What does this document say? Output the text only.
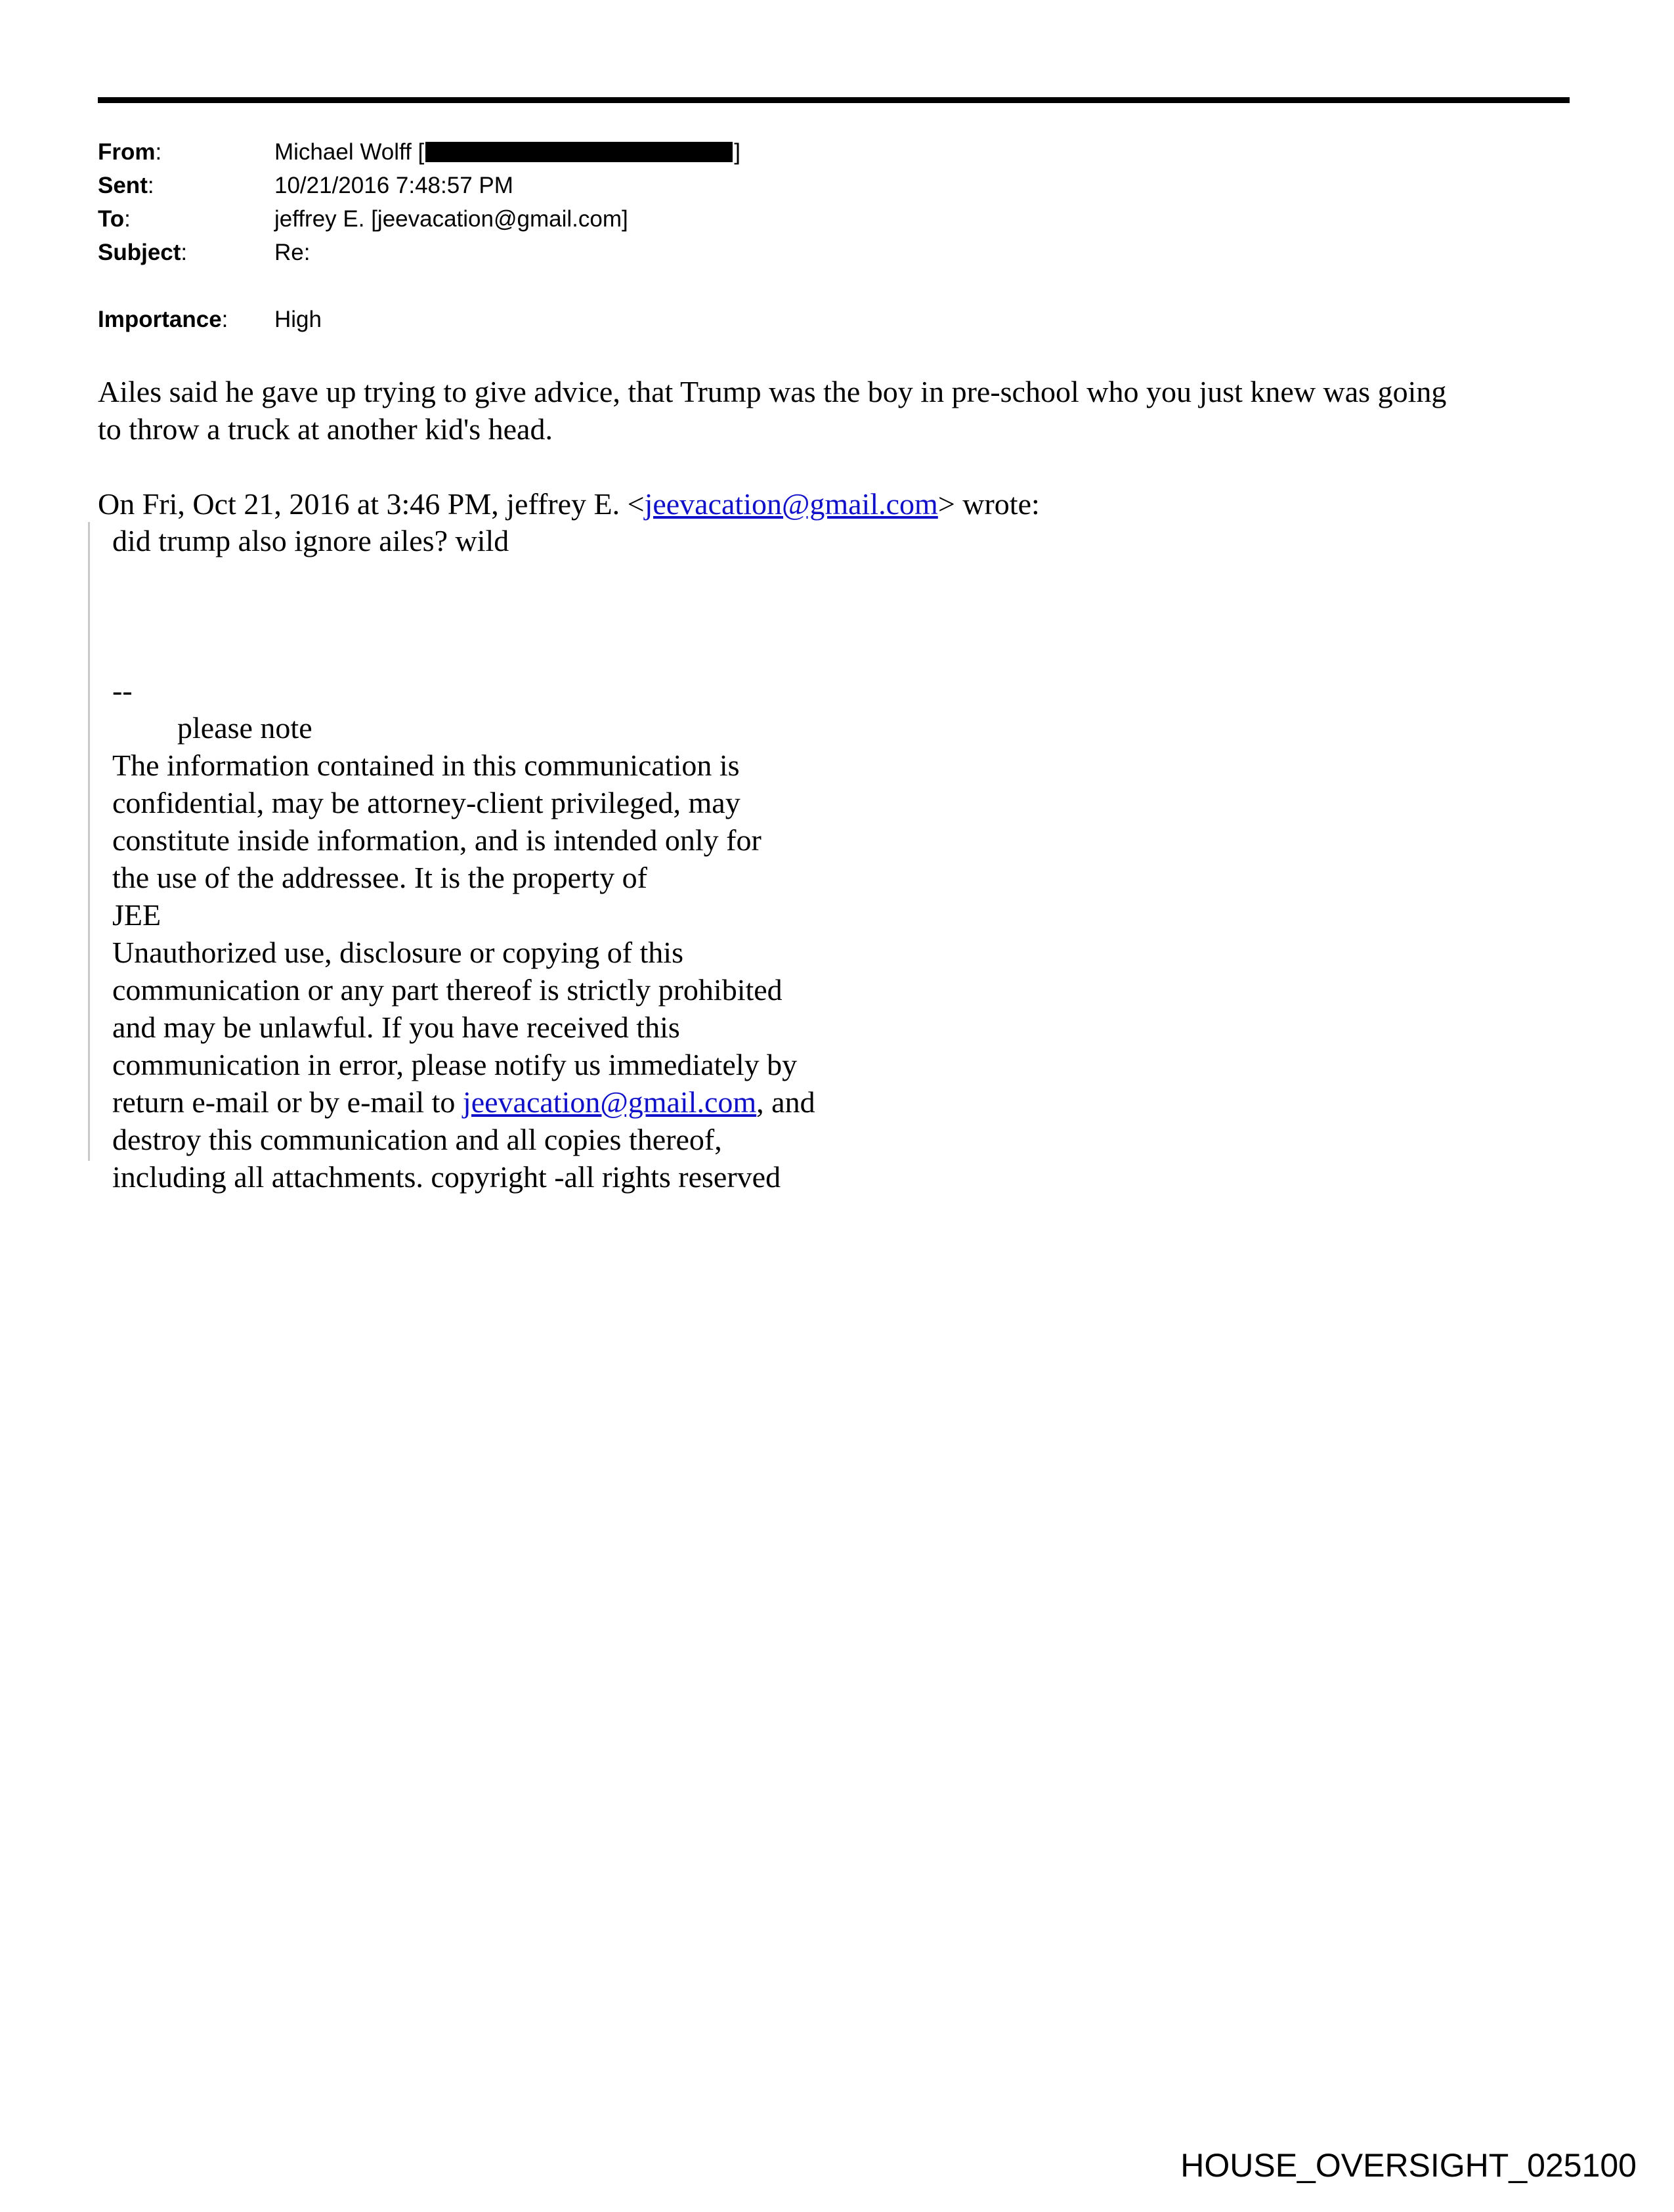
From:	Michael Wolff [	]
Sent:	10/21/2016 7:48:57 PM
To:	jeffrey E. [jeevacation@gmail.com]
Subject:	Re:
Importance:	High
Ailes said he gave up trying to give advice, that Trump was the boy in pre-school who you just knew was going
to throw a truck at another kid's head.
On Fri, Oct 21, 2016 at 3:46 PM, jeffrey E. <jeevacation@gmail.com> wrote:
did trump also ignore ailes? wild
--
please note
The information contained in this communication is
confidential, may be attorney-client privileged, may
constitute inside information, and is intended only for
the use of the addressee. It is the property of
JEE
Unauthorized use, disclosure or copying of this
communication or any part thereof is strictly prohibited
and may be unlawful. If you have received this
communication in error, please notify us immediately by
return e-mail or by e-mail to jeevacation@gmail.com, and
destroy this communication and all copies thereof,
including all attachments. copyright -all rights reserved
HOUSE_OVERSIGHT_025100
